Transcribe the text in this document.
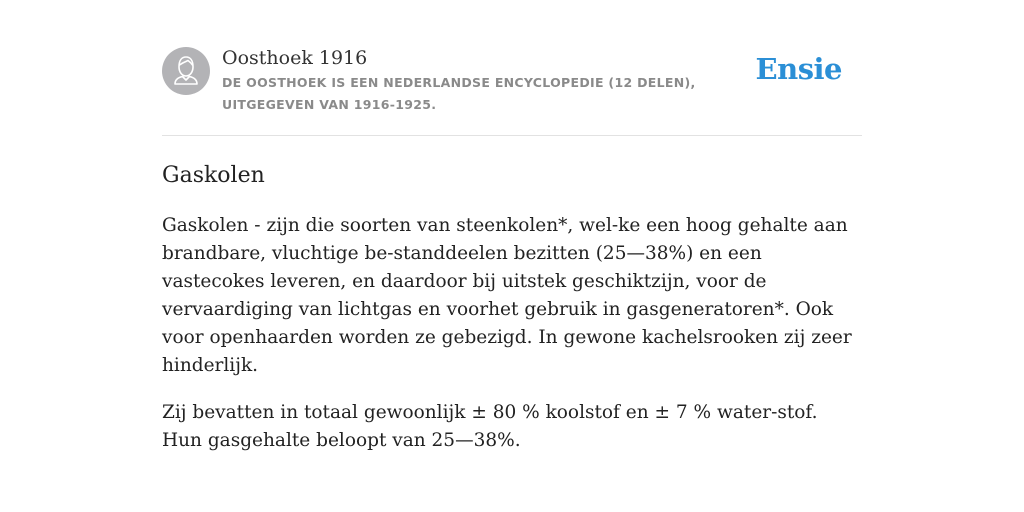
Oosthoek 1916
DE OOSTHOEK IS EEN NEDERLANDSE ENCYCLOPEDIE (12 DELEN), UITGEGEVEN VAN 1916-1925.
Ensie
Gaskolen

Gaskolen - zijn die soorten van steenkolen*, wel-ke een hoog gehalte aan brandbare, vluchtige be-standdeelen bezitten (25—38%) en een vastecokes leveren, en daardoor bij uitstek geschiktzijn, voor de vervaardiging van lichtgas en voorhet gebruik in gasgeneratoren*. Ook voor openhaarden worden ze gebezigd. In gewone kachelsrooken zij zeer hinderlijk.

Zij bevatten in totaal gewoonlijk ± 80 % koolstof en ± 7 % water-stof. Hun gasgehalte beloopt van 25—38%.
